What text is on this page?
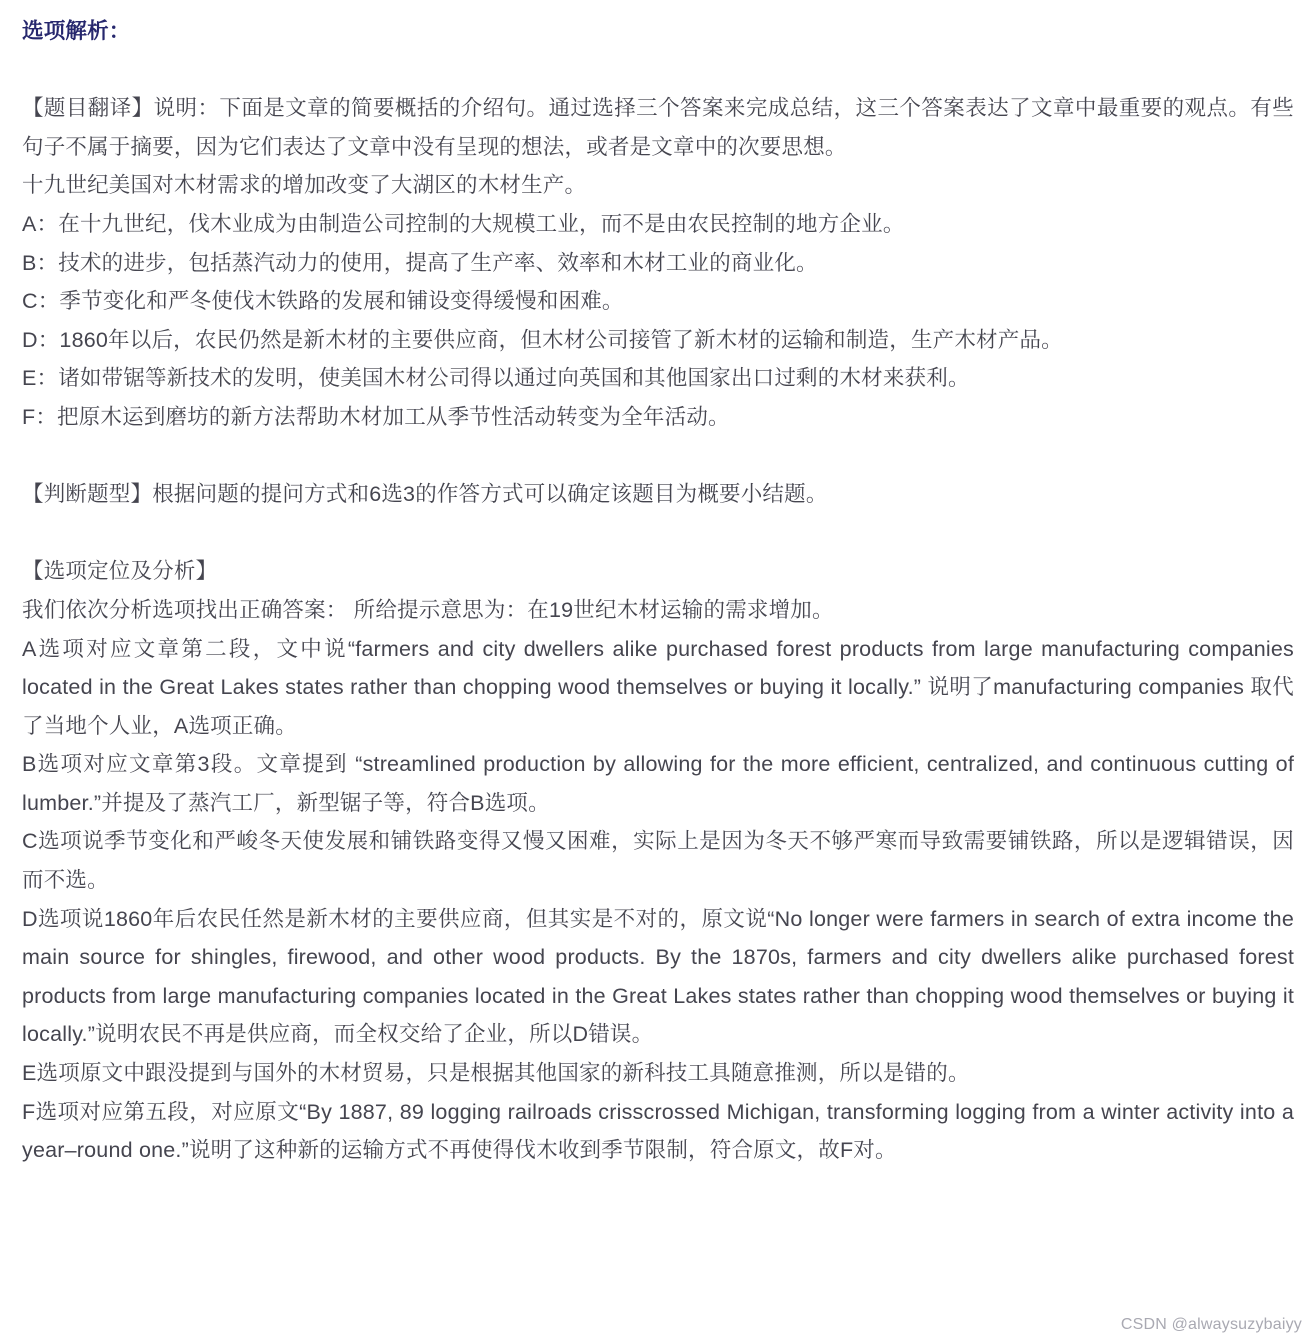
选项解析：

【题目翻译】说明：下面是文章的简要概括的介绍句。通过选择三个答案来完成总结，这三个答案表达了文章中最重要的观点。有些句子不属于摘要，因为它们表达了文章中没有呈现的想法，或者是文章中的次要思想。

十九世纪美国对木材需求的增加改变了大湖区的木材生产。

A：在十九世纪，伐木业成为由制造公司控制的大规模工业，而不是由农民控制的地方企业。

B：技术的进步，包括蒸汽动力的使用，提高了生产率、效率和木材工业的商业化。

C：季节变化和严冬使伐木铁路的发展和铺设变得缓慢和困难。

D：1860年以后，农民仍然是新木材的主要供应商，但木材公司接管了新木材的运输和制造，生产木材产品。

E：诸如带锯等新技术的发明，使美国木材公司得以通过向英国和其他国家出口过剩的木材来获利。

F：把原木运到磨坊的新方法帮助木材加工从季节性活动转变为全年活动。

【判断题型】根据问题的提问方式和6选3的作答方式可以确定该题目为概要小结题。

【选项定位及分析】

我们依次分析选项找出正确答案： 所给提示意思为：在19世纪木材运输的需求增加。

A选项对应文章第二段，文中说“farmers and city dwellers alike purchased forest products from large manufacturing companies located in the Great Lakes states rather than chopping wood themselves or buying it locally.” 说明了manufacturing companies 取代了当地个人业，A选项正确。

B选项对应文章第3段。文章提到 “streamlined production by allowing for the more efficient, centralized, and continuous cutting of lumber.”并提及了蒸汽工厂，新型锯子等，符合B选项。

C选项说季节变化和严峻冬天使发展和铺铁路变得又慢又困难，实际上是因为冬天不够严寒而导致需要铺铁路，所以是逻辑错误，因而不选。

D选项说1860年后农民任然是新木材的主要供应商，但其实是不对的，原文说“No longer were farmers in search of extra income the main source for shingles, firewood, and other wood products. By the 1870s, farmers and city dwellers alike purchased forest products from large manufacturing companies located in the Great Lakes states rather than chopping wood themselves or buying it locally.”说明农民不再是供应商，而全权交给了企业，所以D错误。

E选项原文中跟没提到与国外的木材贸易，只是根据其他国家的新科技工具随意推测，所以是错的。

F选项对应第五段，对应原文“By 1887, 89 logging railroads crisscrossed Michigan, transforming logging from a winter activity into a year–round one.”说明了这种新的运输方式不再使得伐木收到季节限制，符合原文，故F对。

CSDN @alwaysuzybaiyy
